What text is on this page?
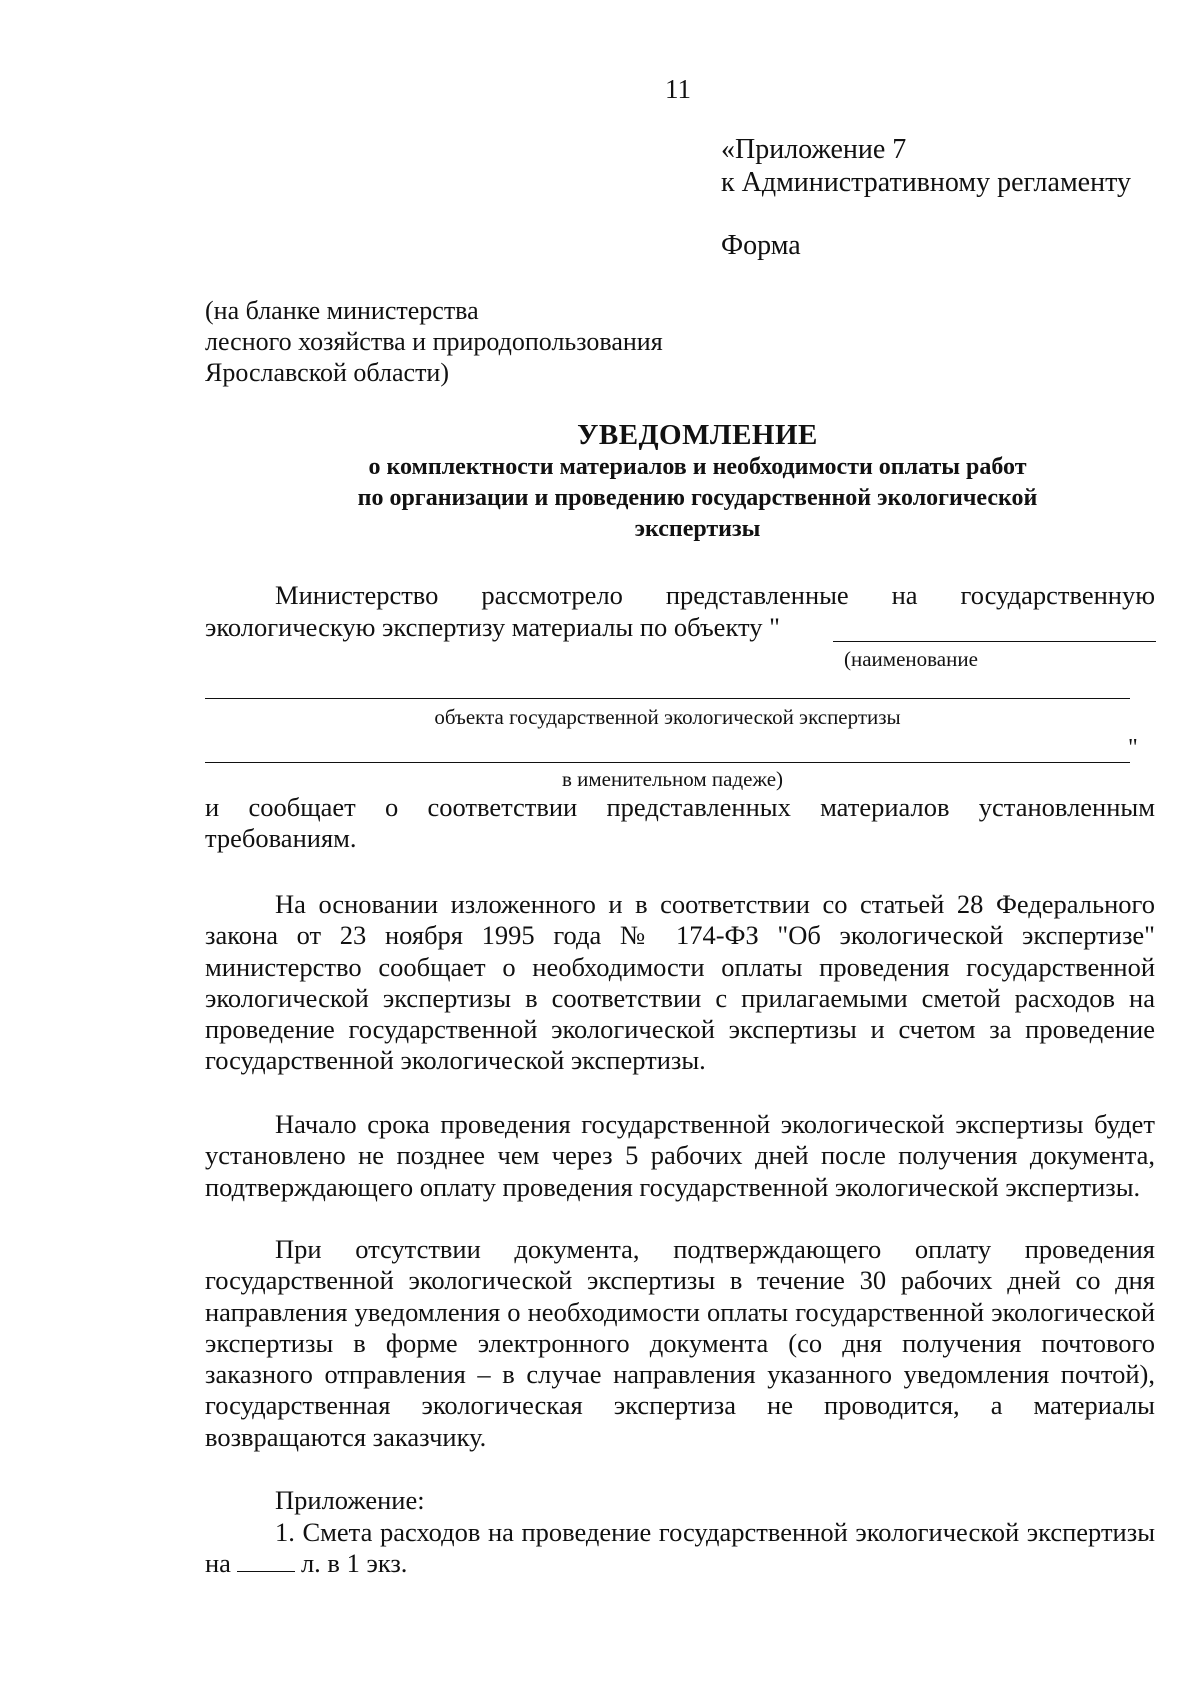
11
«Приложение 7
к Административному регламенту
Форма
(на бланке министерства
лесного хозяйства и природопользования
Ярославской области)
УВЕДОМЛЕНИЕ
о комплектности материалов и необходимости оплаты работ
по организации и проведению государственной экологической
экспертизы
Министерство рассмотрело представленные на государственную
экологическую экспертизу материалы по объекту "
(наименование
объекта государственной экологической экспертизы
"
в именительном падеже)
и сообщает о соответствии представленных материалов установленным требованиям.
На основании изложенного и в соответствии со статьей 28 Федерального закона от 23 ноября 1995 года № 174-ФЗ "Об экологической экспертизе" министерство сообщает о необходимости оплаты проведения государственной экологической экспертизы в соответствии с прилагаемыми сметой расходов на проведение государственной экологической экспертизы и счетом за проведение государственной экологической экспертизы.
Начало срока проведения государственной экологической экспертизы будет установлено не позднее чем через 5 рабочих дней после получения документа, подтверждающего оплату проведения государственной экологической экспертизы.
При отсутствии документа, подтверждающего оплату проведения государственной экологической экспертизы в течение 30 рабочих дней со дня направления уведомления о необходимости оплаты государственной экологической экспертизы в форме электронного документа (со дня получения почтового заказного отправления – в случае направления указанного уведомления почтой), государственная экологическая экспертиза не проводится, а материалы возвращаются заказчику.
Приложение:
1. Смета расходов на проведение государственной экологической экспертизы на	л. в 1 экз.
